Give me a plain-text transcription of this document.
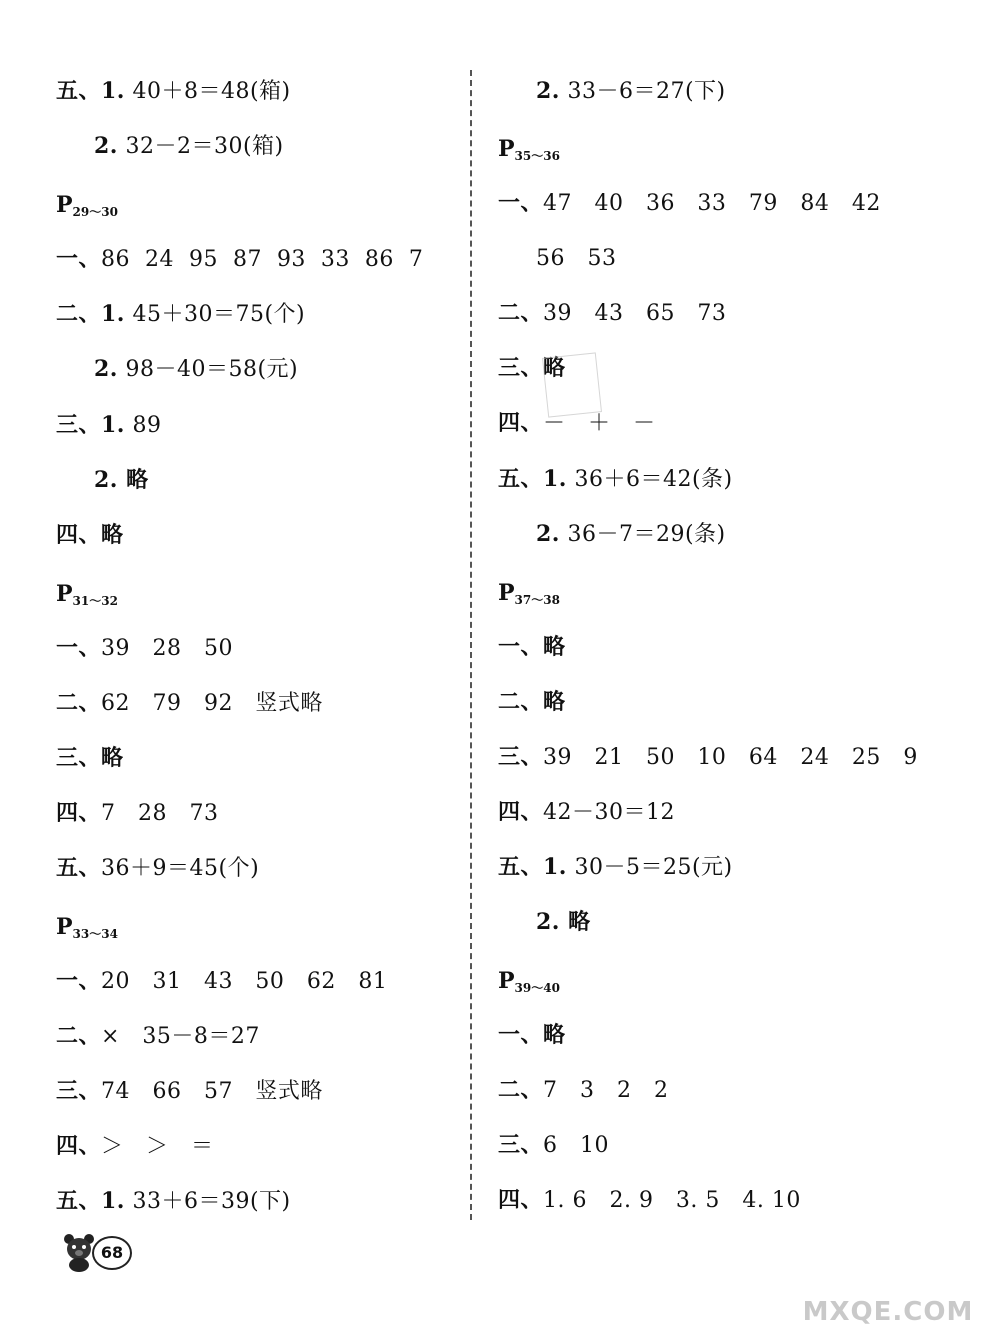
五、1. 40＋8＝48(箱)
2. 32－2＝30(箱)
$P_{29\sim 30}$
一、86  24  95  87  93  33  86  7
二、1. 45＋30＝75(个)
2. 98－40＝58(元)
三、1. 89
2. 略
四、略
$P_{31\sim 32}$
一、39   28   50
二、62   79   92   竖式略
三、略
四、7   28   73
五、36＋9＝45(个)
$P_{33\sim 34}$
一、20   31   43   50   62   81
二、×   35－8＝27
三、74   66   57   竖式略
四、＞   ＞   ＝
五、1. 33＋6＝39(下)
2. 33－6＝27(下)
$P_{35\sim 36}$
一、47   40   36   33   79   84   42
56   53
二、39   43   65   73
三、略
四、－   ＋   －
五、1. 36＋6＝42(条)
2. 36－7＝29(条)
$P_{37\sim 38}$
一、略
二、略
三、39   21   50   10   64   24   25   9
四、42－30＝12
五、1. 30－5＝25(元)
2. 略
$P_{39\sim 40}$
一、略
二、7   3   2   2
三、6   10
四、1. 6   2. 9   3. 5   4. 10
68
MXQE.COM
